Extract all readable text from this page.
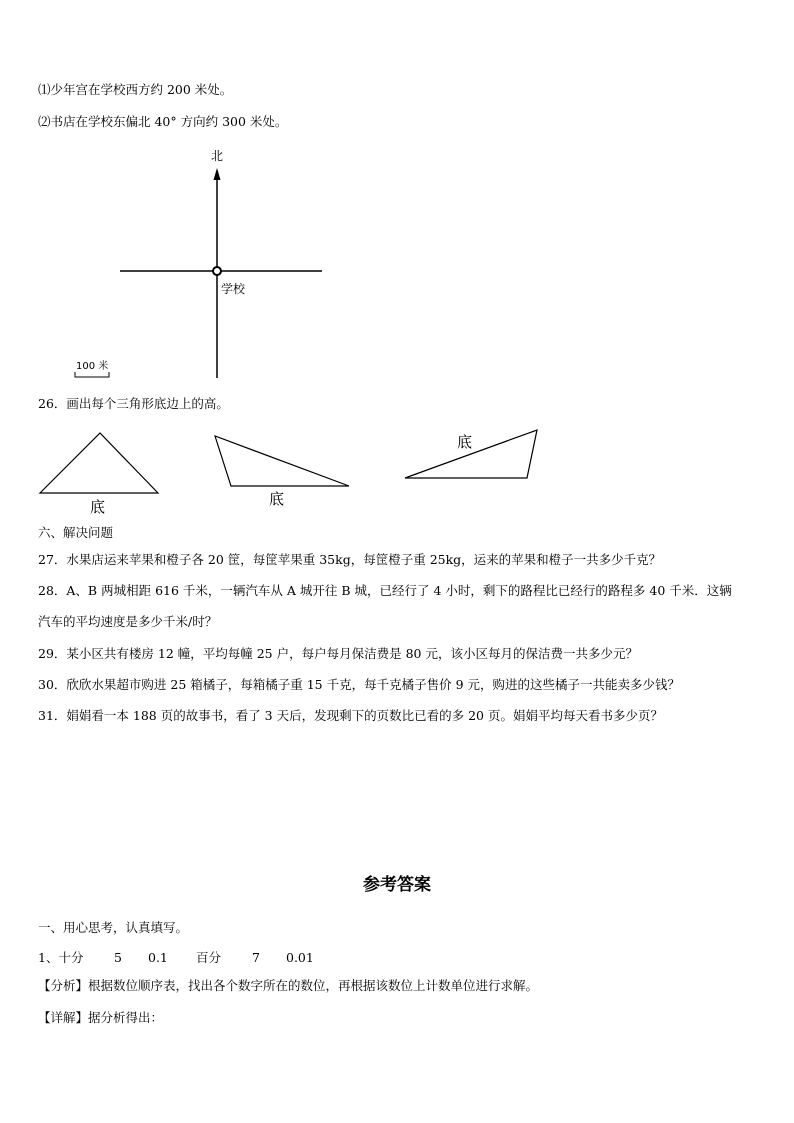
⑴少年宫在学校西方约 200 米处。
⑵书店在学校东偏北 40° 方向约 300 米处。
北
学校
100 米
底	底
底
26．画出每个三角形底边上的高。
六、解决问题
27．水果店运来苹果和橙子各 20 筐，每筐苹果重 35kg，每筐橙子重 25kg，运来的苹果和橙子一共多少千克？
28．A、B 两城相距 616 千米，一辆汽车从 A 城开往 B 城，已经行了 4 小时，剩下的路程比已经行的路程多 40 千米．这辆
汽车的平均速度是多少千米/时？
29．某小区共有楼房 12 幢，平均每幢 25 户，每户每月保洁费是 80 元，该小区每月的保洁费一共多少元？
30．欣欣水果超市购进 25 箱橘子，每箱橘子重 15 千克，每千克橘子售价 9 元，购进的这些橘子一共能卖多少钱？
31．娟娟看一本 188 页的故事书，看了 3 天后，发现剩下的页数比已看的多 20 页。娟娟平均每天看书多少页？
参考答案
一、用心思考，认真填写。
1、十分 5 0.1 百分 7 0.01
【分析】根据数位顺序表，找出各个数字所在的数位，再根据该数位上计数单位进行求解。
【详解】据分析得出：
